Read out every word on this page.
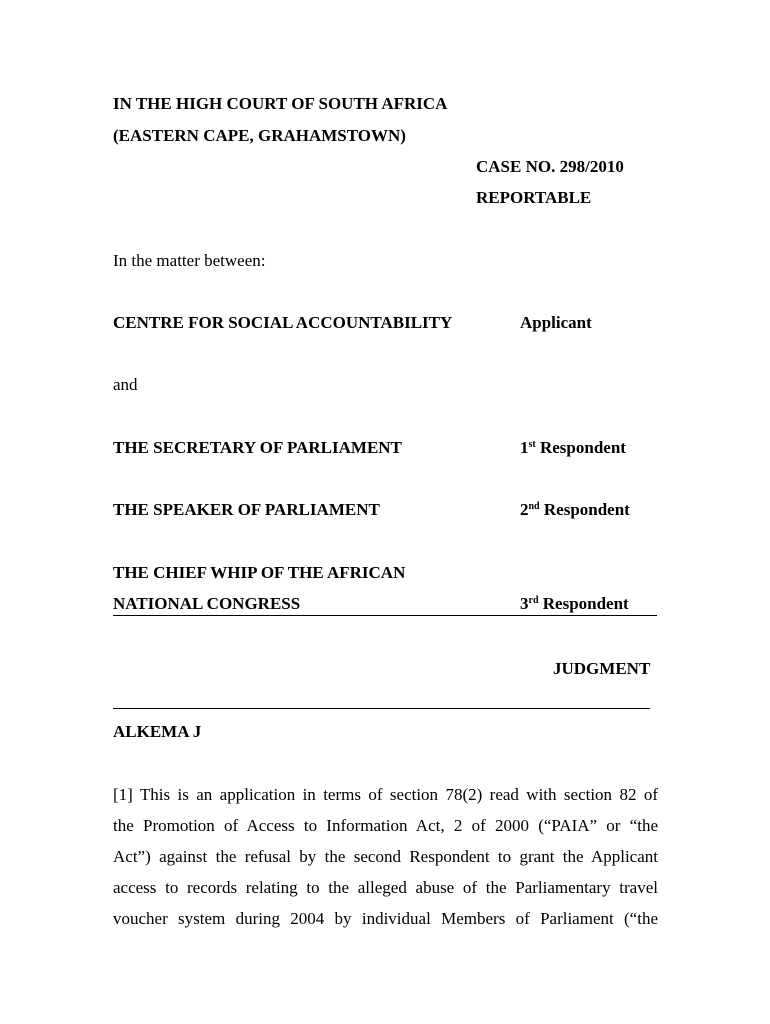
IN THE HIGH COURT OF SOUTH AFRICA
(EASTERN CAPE, GRAHAMSTOWN)
CASE NO. 298/2010
REPORTABLE
In the matter between:
CENTRE FOR SOCIAL ACCOUNTABILITY	Applicant
and
THE SECRETARY OF PARLIAMENT	1st Respondent
THE SPEAKER OF PARLIAMENT	2nd Respondent
THE CHIEF WHIP OF THE AFRICAN
NATIONAL CONGRESS	3rd Respondent
JUDGMENT
ALKEMA J
[1] This is an application in terms of section 78(2) read with section 82 of
the Promotion of Access to Information Act, 2 of 2000 (“PAIA” or “the
Act”) against the refusal by the second Respondent to grant the Applicant
access to records relating to the alleged abuse of the Parliamentary travel
voucher system during 2004 by individual Members of Parliament (“the
